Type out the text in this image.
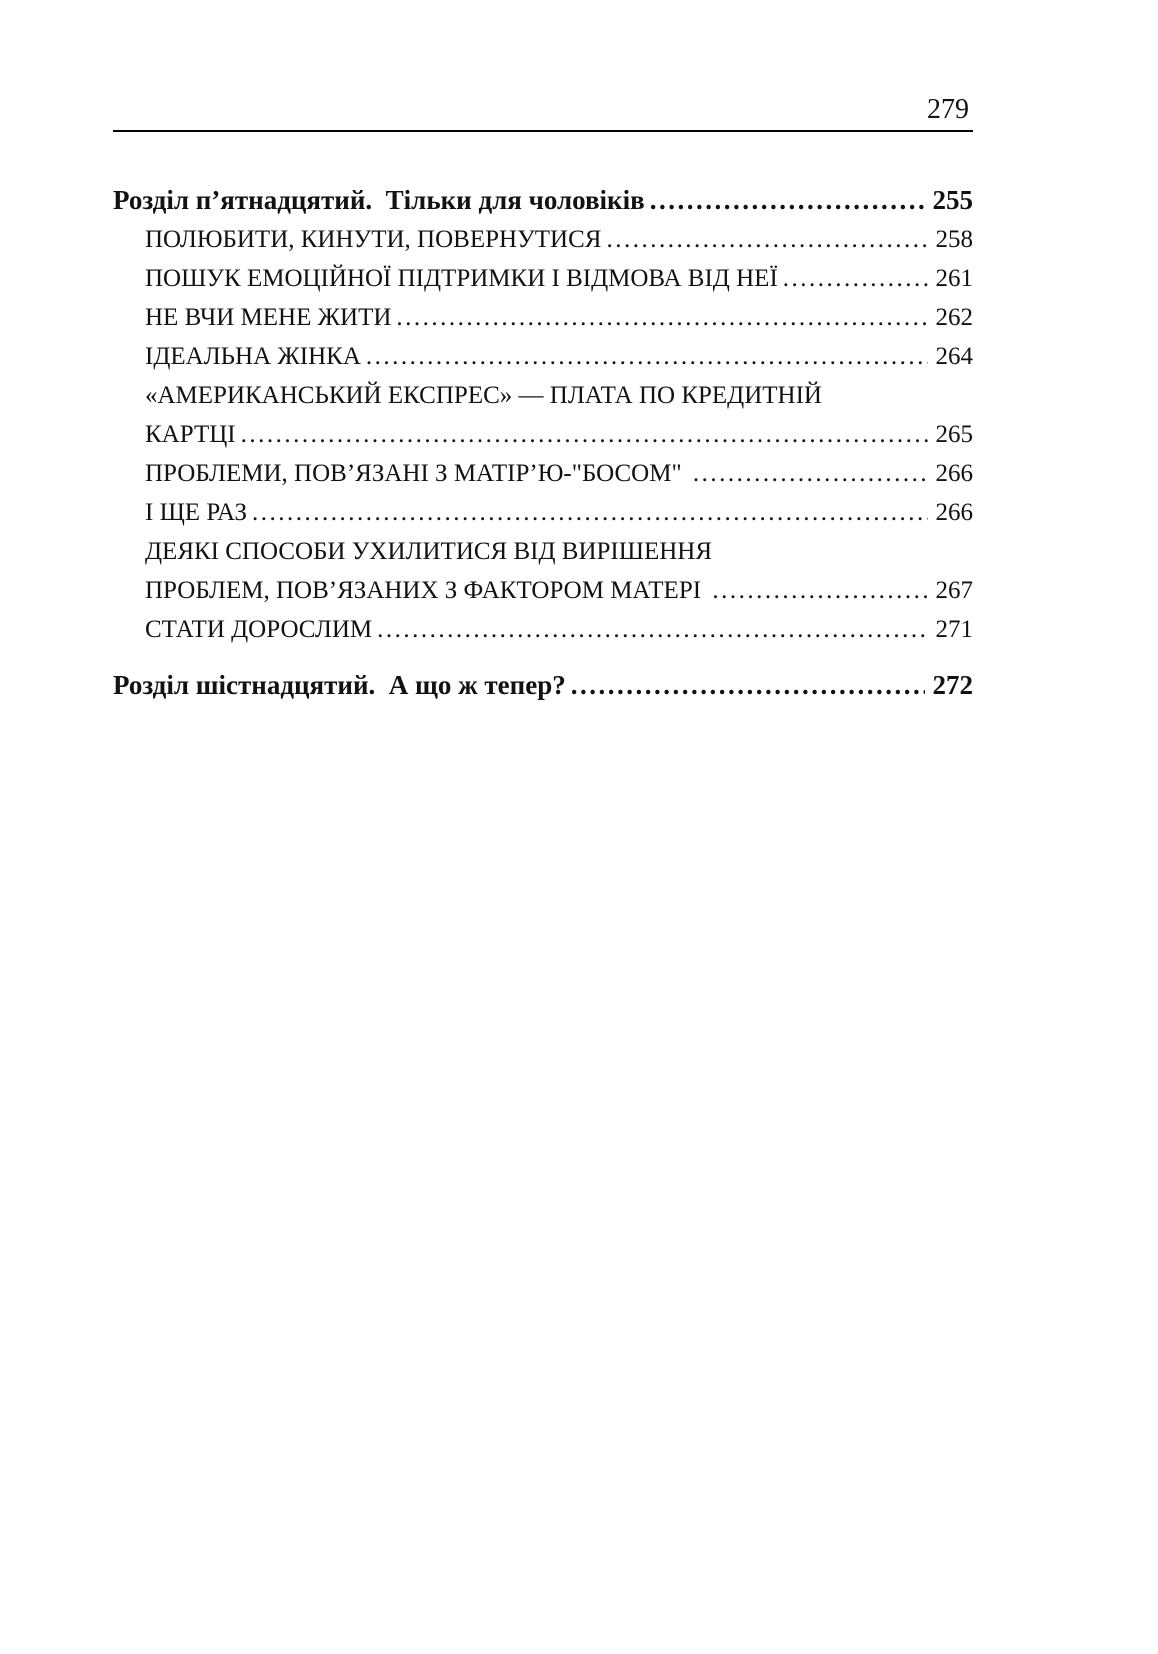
279
Розділ п’ятнадцятий.  Тільки для чоловіків .....	255
ПОЛЮБИТИ, КИНУТИ, ПОВЕРНУТИСЯ .....	258
ПОШУК ЕМОЦІЙНОЇ ПІДТРИМКИ І ВІДМОВА ВІД НЕЇ .....	261
НЕ ВЧИ МЕНЕ ЖИТИ .....	262
ІДЕАЛЬНА ЖІНКА .....	264
«АМЕРИКАНСЬКИЙ ЕКСПРЕС» — ПЛАТА ПО КРЕДИТНІЙ
КАРТЦІ .....	265
ПРОБЛЕМИ, ПОВ’ЯЗАНІ З МАТІР’Ю-"БОСОМ" .....	266
І ЩЕ РАЗ .....	266
ДЕЯКІ СПОСОБИ УХИЛИТИСЯ ВІД ВИРІШЕННЯ
ПРОБЛЕМ, ПОВ’ЯЗАНИХ З ФАКТОРОМ МАТЕРІ .....	267
СТАТИ ДОРОСЛИМ .....	271
Розділ шістнадцятий.  А що ж тепер? .....	272
